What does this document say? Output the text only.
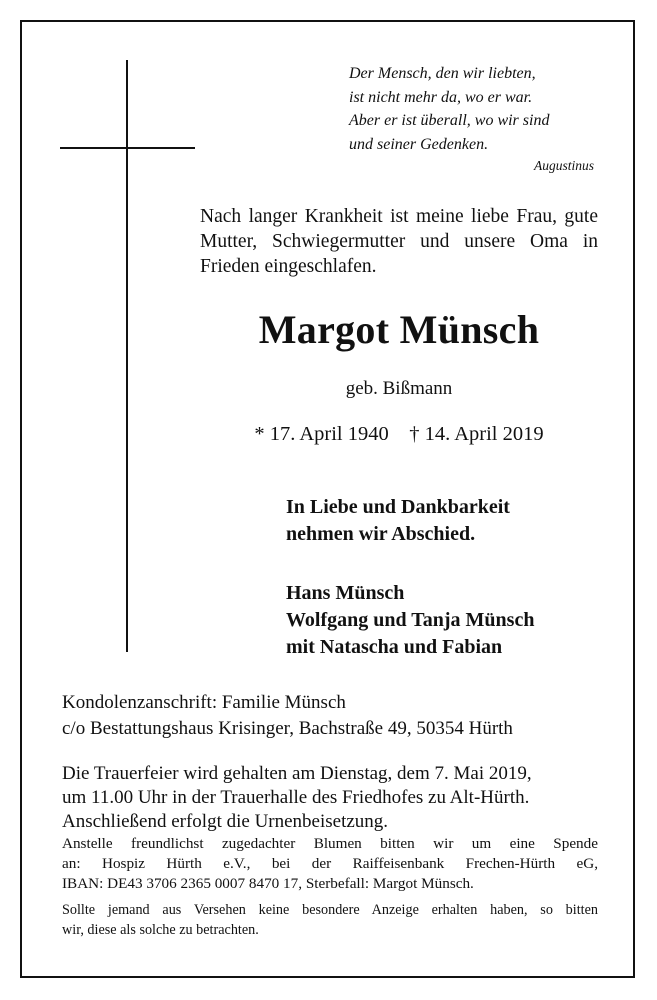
Der Mensch, den wir liebten,
ist nicht mehr da, wo er war.
Aber er ist überall, wo wir sind
und seiner Gedenken.
Augustinus
Nach langer Krankheit ist meine liebe Frau, gute Mutter, Schwiegermutter und unsere Oma in Frieden eingeschlafen.
Margot Münsch
geb. Bißmann
* 17. April 1940    † 14. April 2019
In Liebe und Dankbarkeit
nehmen wir Abschied.
Hans Münsch
Wolfgang und Tanja Münsch
mit Natascha und Fabian
Kondolenzanschrift: Familie Münsch
c/o Bestattungshaus Krisinger, Bachstraße 49, 50354 Hürth
Die Trauerfeier wird gehalten am Dienstag, dem 7. Mai 2019,
um 11.00 Uhr in der Trauerhalle des Friedhofes zu Alt-Hürth.
Anschließend erfolgt die Urnenbeisetzung.
Anstelle freundlichst zugedachter Blumen bitten wir um eine Spende
an: Hospiz Hürth e.V., bei der Raiffeisenbank Frechen-Hürth eG,
IBAN: DE43 3706 2365 0007 8470 17, Sterbefall: Margot Münsch.
Sollte jemand aus Versehen keine besondere Anzeige erhalten haben, so bitten
wir, diese als solche zu betrachten.
